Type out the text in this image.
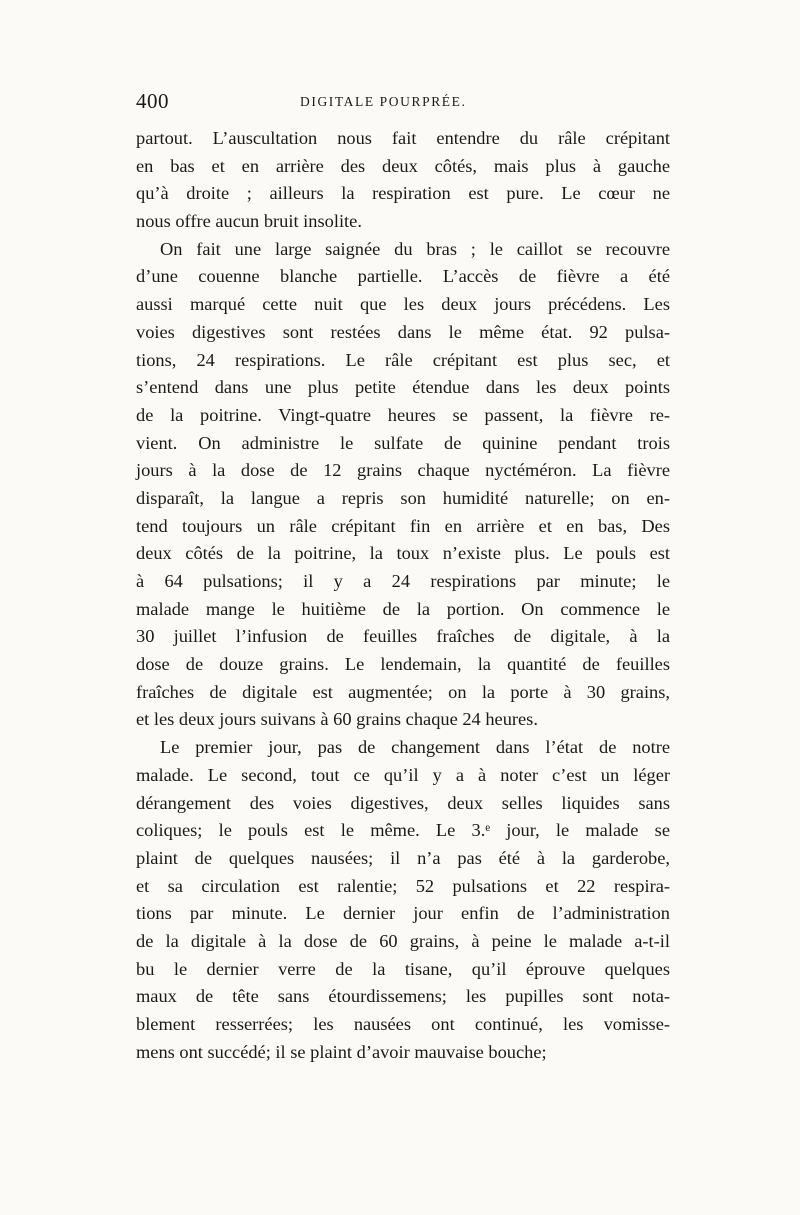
400	DIGITALE POURPRÉE.
partout. L’auscultation nous fait entendre du râle crépitant
en bas et en arrière des deux côtés, mais plus à gauche
qu’à droite ; ailleurs la respiration est pure. Le cœur ne
nous offre aucun bruit insolite.
On fait une large saignée du bras ; le caillot se recouvre
d’une couenne blanche partielle. L’accès de fièvre a été
aussi marqué cette nuit que les deux jours précédens. Les
voies digestives sont restées dans le même état. 92 pulsa-
tions, 24 respirations. Le râle crépitant est plus sec, et
s’entend dans une plus petite étendue dans les deux points
de la poitrine. Vingt-quatre heures se passent, la fièvre re-
vient. On administre le sulfate de quinine pendant trois
jours à la dose de 12 grains chaque nyctéméron. La fièvre
disparaît, la langue a repris son humidité naturelle; on en-
tend toujours un râle crépitant fin en arrière et en bas, Des
deux côtés de la poitrine, la toux n’existe plus. Le pouls est
à 64 pulsations; il y a 24 respirations par minute; le
malade mange le huitième de la portion. On commence le
30 juillet l’infusion de feuilles fraîches de digitale, à la
dose de douze grains. Le lendemain, la quantité de feuilles
fraîches de digitale est augmentée; on la porte à 30 grains,
et les deux jours suivans à 60 grains chaque 24 heures.
Le premier jour, pas de changement dans l’état de notre
malade. Le second, tout ce qu’il y a à noter c’est un léger
dérangement des voies digestives, deux selles liquides sans
coliques; le pouls est le même. Le 3.ᵉ jour, le malade se
plaint de quelques nausées; il n’a pas été à la garderobe,
et sa circulation est ralentie; 52 pulsations et 22 respira-
tions par minute. Le dernier jour enfin de l’administration
de la digitale à la dose de 60 grains, à peine le malade a-t-il
bu le dernier verre de la tisane, qu’il éprouve quelques
maux de tête sans étourdissemens; les pupilles sont nota-
blement resserrées; les nausées ont continué, les vomisse-
mens ont succédé; il se plaint d’avoir mauvaise bouche;
